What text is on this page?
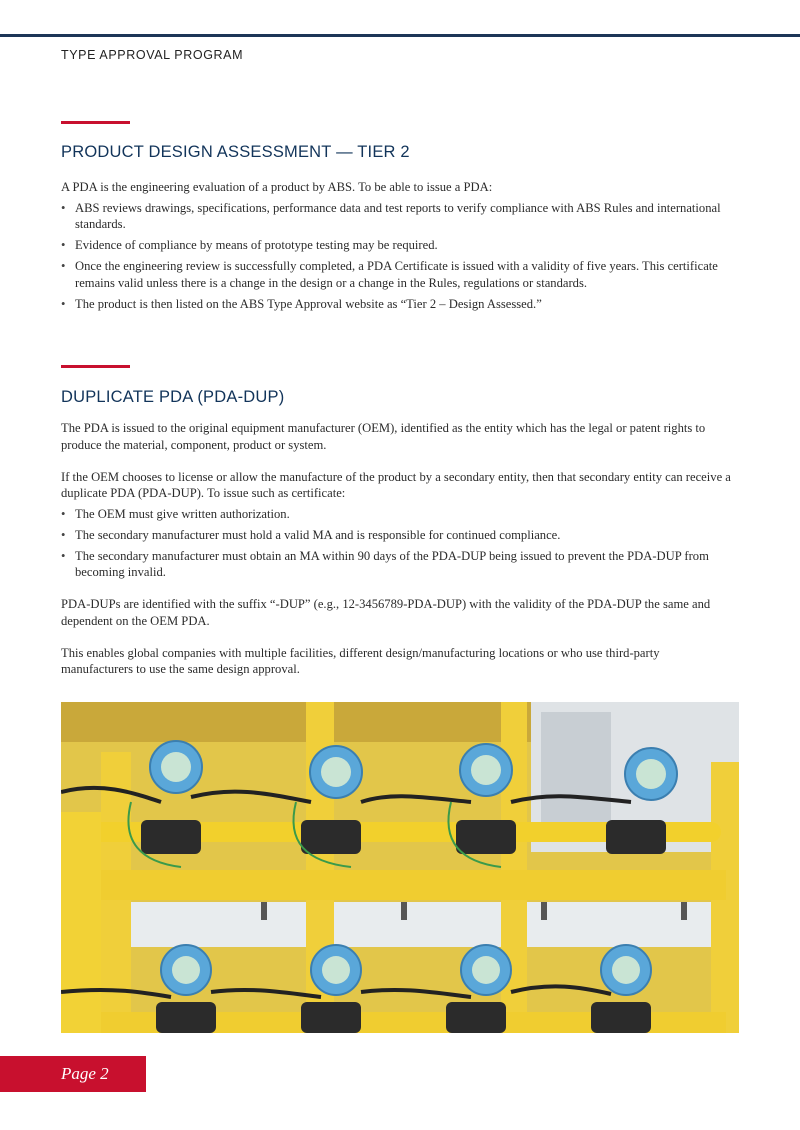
TYPE APPROVAL PROGRAM
PRODUCT DESIGN ASSESSMENT — TIER 2

A PDA is the engineering evaluation of a product by ABS. To be able to issue a PDA:

• ABS reviews drawings, specifications, performance data and test reports to verify compliance with ABS Rules and international standards.
• Evidence of compliance by means of prototype testing may be required.
• Once the engineering review is successfully completed, a PDA Certificate is issued with a validity of five years. This certificate remains valid unless there is a change in the design or a change in the Rules, regulations or standards.
• The product is then listed on the ABS Type Approval website as “Tier 2 – Design Assessed.”
DUPLICATE PDA (PDA-DUP)

The PDA is issued to the original equipment manufacturer (OEM), identified as the entity which has the legal or patent rights to produce the material, component, product or system.

If the OEM chooses to license or allow the manufacture of the product by a secondary entity, then that secondary entity can receive a duplicate PDA (PDA-DUP). To issue such as certificate:

• The OEM must give written authorization.
• The secondary manufacturer must hold a valid MA and is responsible for continued compliance.
• The secondary manufacturer must obtain an MA within 90 days of the PDA-DUP being issued to prevent the PDA-DUP from becoming invalid.

PDA-DUPs are identified with the suffix “-DUP” (e.g., 12-3456789-PDA-DUP) with the validity of the PDA-DUP the same and dependent on the OEM PDA.

This enables global companies with multiple facilities, different design/manufacturing locations or who use third-party manufacturers to use the same design approval.

Page 2
